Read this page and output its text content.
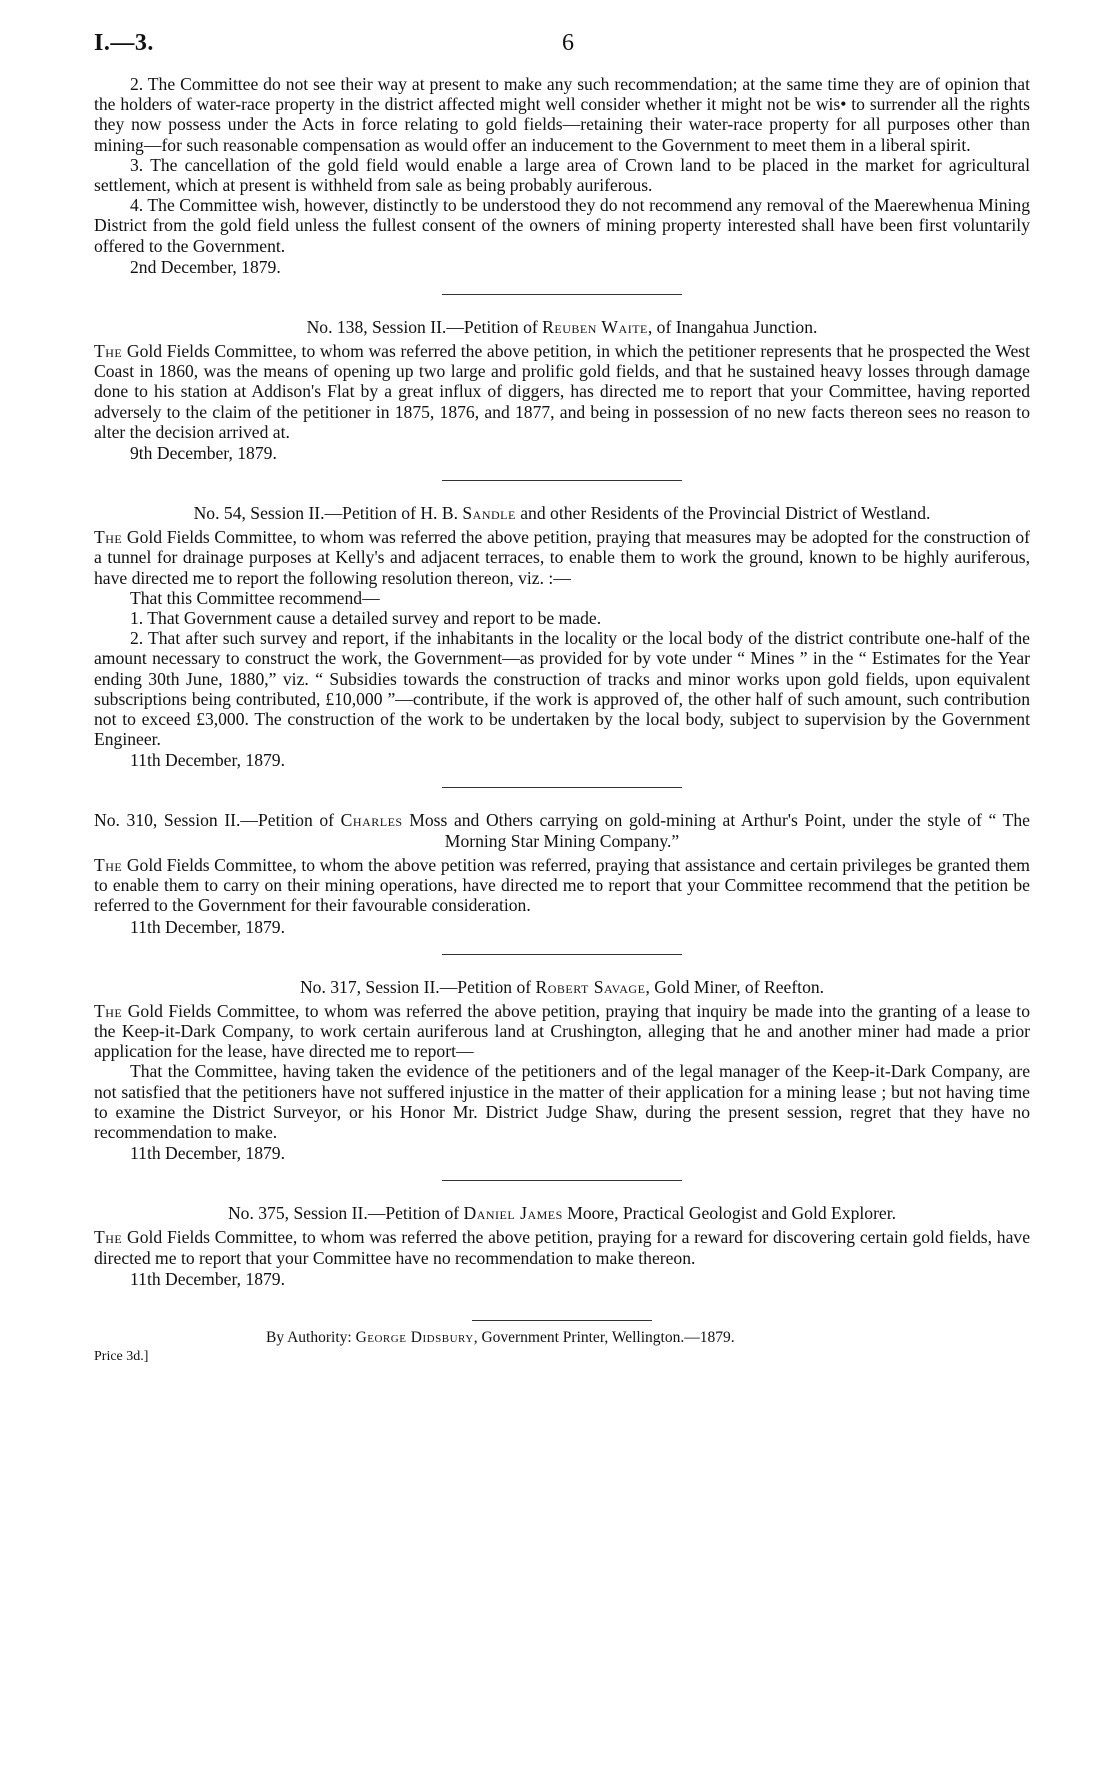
I.—3.	6

2. The Committee do not see their way at present to make any such recommendation; at the same time they are of opinion that the holders of water-race property in the district affected might well consider whether it might not be wis• to surrender all the rights they now possess under the Acts in force relating to gold fields—retaining their water-race property for all purposes other than mining—for such reasonable compensation as would offer an inducement to the Government to meet them in a liberal spirit.

3. The cancellation of the gold field would enable a large area of Crown land to be placed in the market for agricultural settlement, which at present is withheld from sale as being probably auriferous.

4. The Committee wish, however, distinctly to be understood they do not recommend any removal of the Maerewhenua Mining District from the gold field unless the fullest consent of the owners of mining property interested shall have been first voluntarily offered to the Government.

2nd December, 1879.

No. 138, Session II.—Petition of Reuben Waite, of Inangahua Junction.

The Gold Fields Committee, to whom was referred the above petition, in which the petitioner represents that he prospected the West Coast in 1860, was the means of opening up two large and prolific gold fields, and that he sustained heavy losses through damage done to his station at Addison's Flat by a great influx of diggers, has directed me to report that your Committee, having reported adversely to the claim of the petitioner in 1875, 1876, and 1877, and being in possession of no new facts thereon sees no reason to alter the decision arrived at.

9th December, 1879.

No. 54, Session II.—Petition of H. B. Sandle and other Residents of the Provincial District of Westland.

The Gold Fields Committee, to whom was referred the above petition, praying that measures may be adopted for the construction of a tunnel for drainage purposes at Kelly's and adjacent terraces, to enable them to work the ground, known to be highly auriferous, have directed me to report the following resolution thereon, viz. :—

That this Committee recommend—

1. That Government cause a detailed survey and report to be made.

2. That after such survey and report, if the inhabitants in the locality or the local body of the district contribute one-half of the amount necessary to construct the work, the Government—as provided for by vote under “ Mines ” in the “ Estimates for the Year ending 30th June, 1880,” viz. “ Subsidies towards the construction of tracks and minor works upon gold fields, upon equivalent subscriptions being contributed, £10,000 ”—contribute, if the work is approved of, the other half of such amount, such contribution not to exceed £3,000. The construction of the work to be undertaken by the local body, subject to supervision by the Government Engineer.

11th December, 1879.

No. 310, Session II.—Petition of Charles Moss and Others carrying on gold-mining at Arthur's Point, under the style of “ The Morning Star Mining Company.”

The Gold Fields Committee, to whom the above petition was referred, praying that assistance and certain privileges be granted them to enable them to carry on their mining operations, have directed me to report that your Committee recommend that the petition be referred to the Government for their favourable consideration.

11th December, 1879.

No. 317, Session II.—Petition of Robert Savage, Gold Miner, of Reefton.

The Gold Fields Committee, to whom was referred the above petition, praying that inquiry be made into the granting of a lease to the Keep-it-Dark Company, to work certain auriferous land at Crushington, alleging that he and another miner had made a prior application for the lease, have directed me to report—

That the Committee, having taken the evidence of the petitioners and of the legal manager of the Keep-it-Dark Company, are not satisfied that the petitioners have not suffered injustice in the matter of their application for a mining lease ; but not having time to examine the District Surveyor, or his Honor Mr. District Judge Shaw, during the present session, regret that they have no recommendation to make.

11th December, 1879.

No. 375, Session II.—Petition of Daniel James Moore, Practical Geologist and Gold Explorer.

The Gold Fields Committee, to whom was referred the above petition, praying for a reward for discovering certain gold fields, have directed me to report that your Committee have no recommendation to make thereon.

11th December, 1879.

By Authority: George Didsbury, Government Printer, Wellington.—1879.
Price 3d.]
